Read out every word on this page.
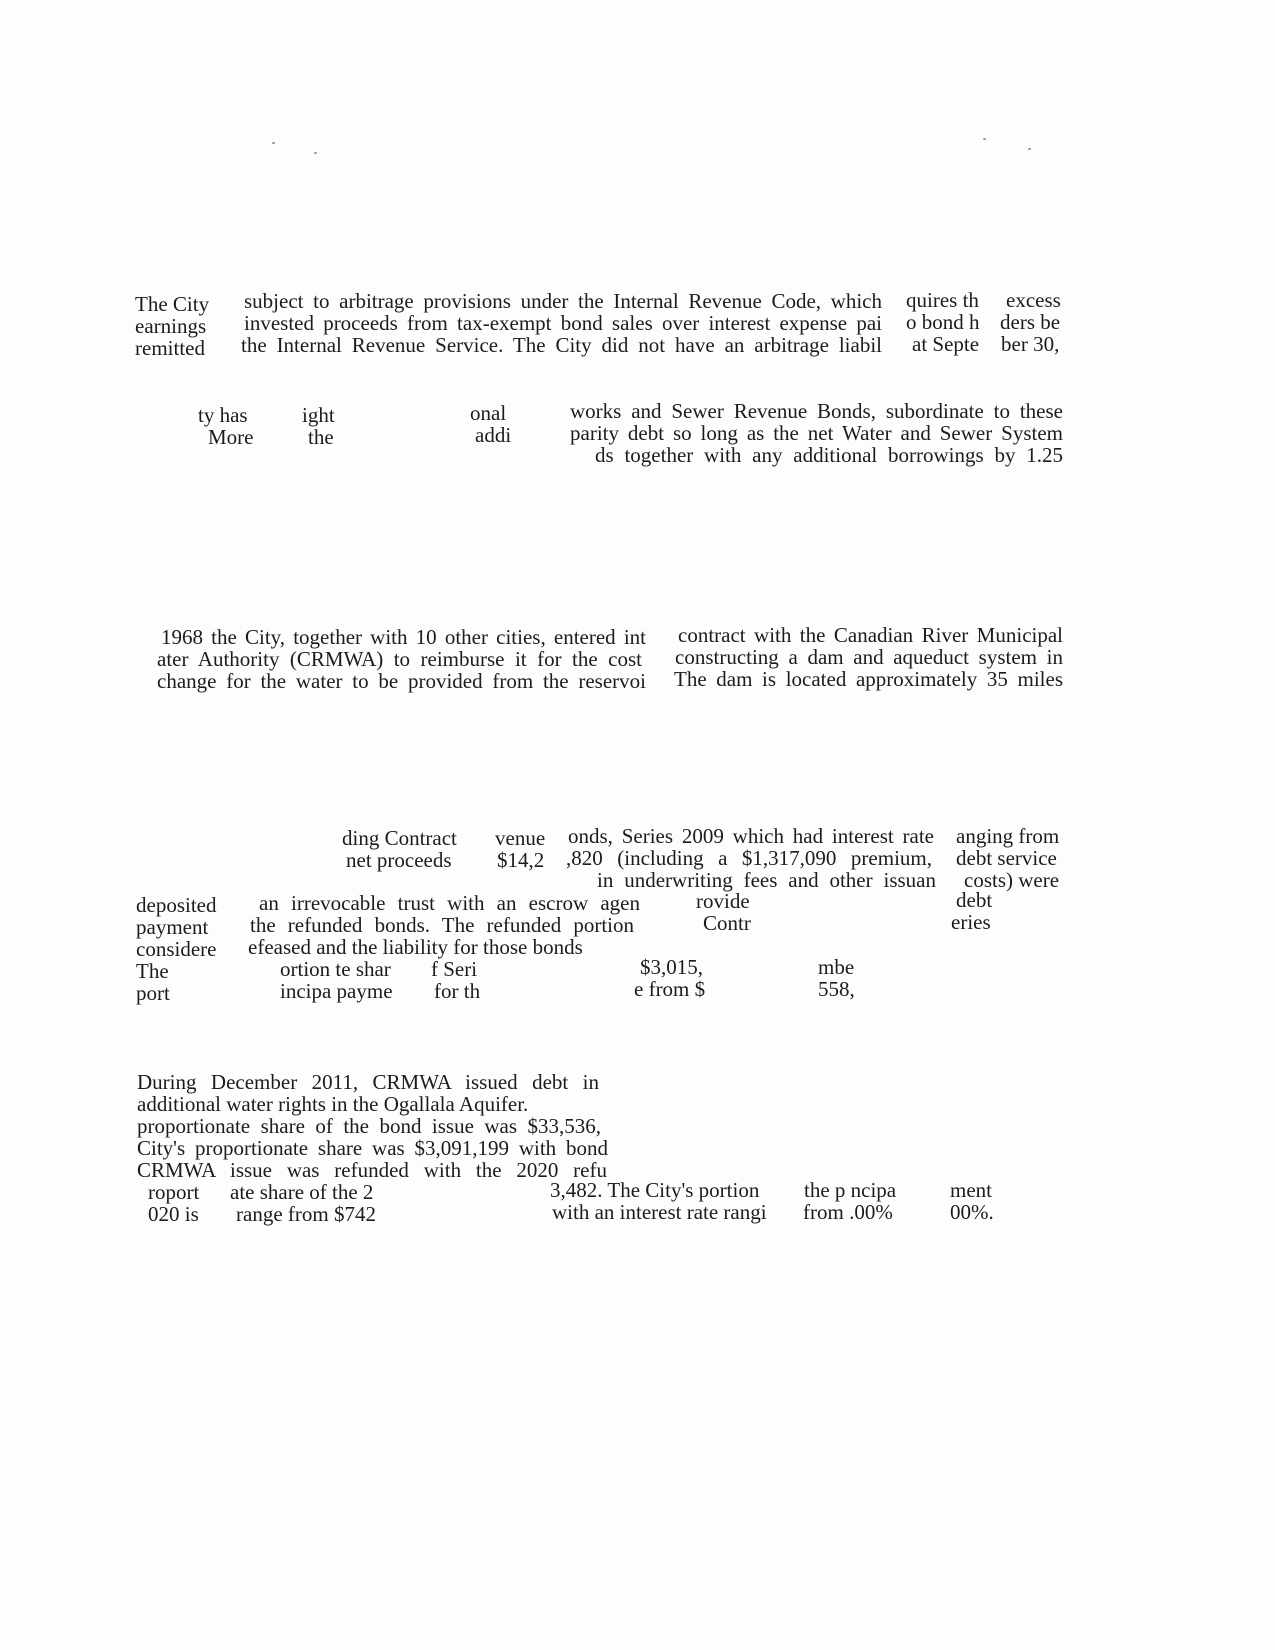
The City

earnings

remitted

subject to arbitrage provisions under the Internal Revenue Code, which

invested proceeds from tax-exempt bond sales over interest expense pai

the Internal Revenue Service. The City did not have an arbitrage liabil

quires th

o bond h

at Septe

excess

ders be

ber 30,

ty has

More

ight

the

onal

addi

works and Sewer Revenue Bonds, subordinate to these

parity debt so long as the net Water and Sewer System

ds together with any additional borrowings by 1.25

1968 the City, together with 10 other cities, entered int

ater Authority (CRMWA) to reimburse it for the cost

change for the water to be provided from the reservoi

contract with the Canadian River Municipal

constructing a dam and aqueduct system in

The dam is located approximately 35 miles

ding Contract

net proceeds

venue

$14,2

onds, Series 2009 which had interest rate

,820 (including a $1,317,090 premium,

in underwriting fees and other issuan

anging from

debt service

costs) were

deposited

payment

considere

The

port

an irrevocable trust with an escrow agen

the refunded bonds. The refunded portion

efeased and the liability for those bonds

rovide

Contr

debt

eries

ortion te shar

incipa payme

f Seri

for th

$3,015,

e from $

mbe

558,

During December 2011, CRMWA issued debt in

additional water rights in the Ogallala Aquifer.

proportionate share of the bond issue was $33,536,

City's proportionate share was $3,091,199 with bond

CRMWA issue was refunded with the 2020 refu

roport

020 is

ate share of the 2

range from $742

3,482. The City's portion

with an interest rate rangi

the p ncipa

from .00%

ment

00%.
